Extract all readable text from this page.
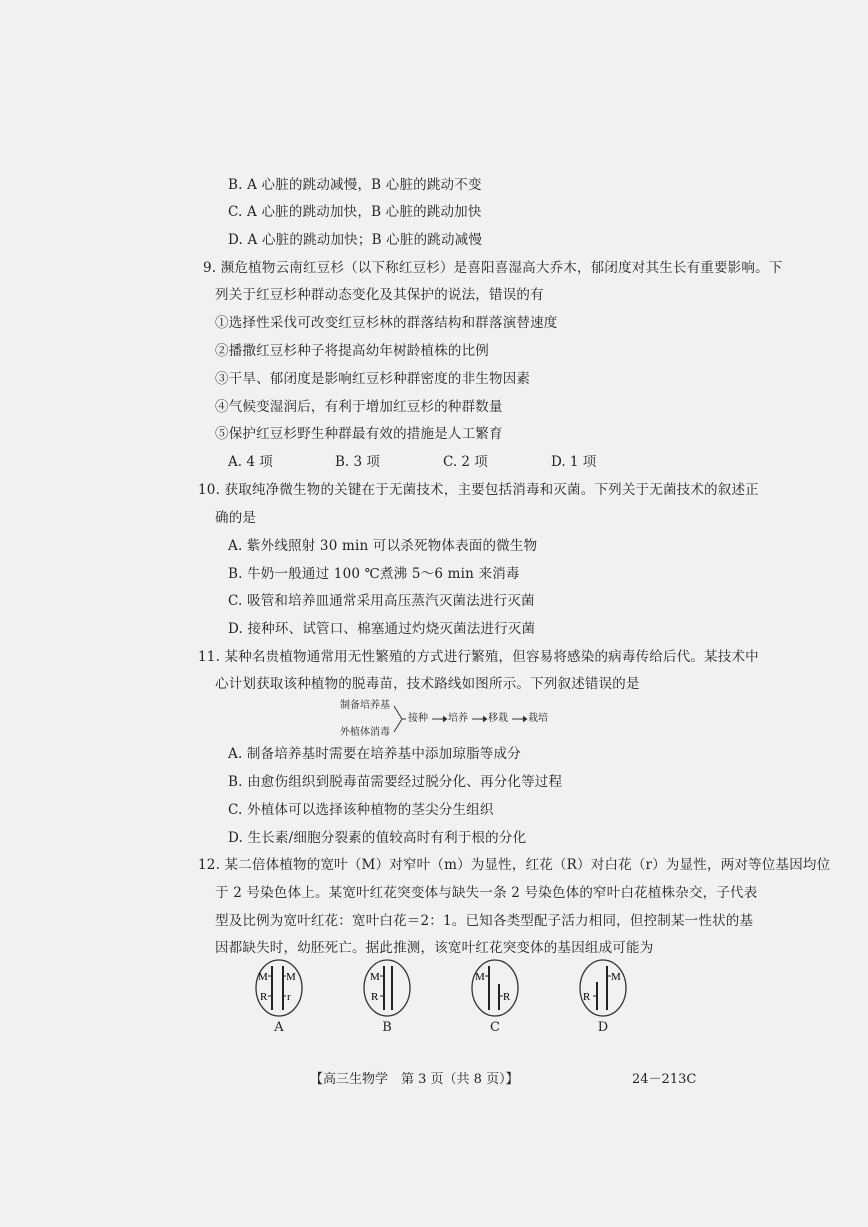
B. A 心脏的跳动减慢，B 心脏的跳动不变
C. A 心脏的跳动加快，B 心脏的跳动加快
D. A 心脏的跳动加快；B 心脏的跳动减慢
9. 濒危植物云南红豆杉（以下称红豆杉）是喜阳喜湿高大乔木，郁闭度对其生长有重要影响。下
列关于红豆杉种群动态变化及其保护的说法，错误的有
①选择性采伐可改变红豆杉林的群落结构和群落演替速度
②播撒红豆杉种子将提高幼年树龄植株的比例
③干旱、郁闭度是影响红豆杉种群密度的非生物因素
④气候变湿润后，有利于增加红豆杉的种群数量
⑤保护红豆杉野生种群最有效的措施是人工繁育
A. 4 项	B. 3 项	C. 2 项	D. 1 项
10. 获取纯净微生物的关键在于无菌技术，主要包括消毒和灭菌。下列关于无菌技术的叙述正
确的是
A. 紫外线照射 30 min 可以杀死物体表面的微生物
B. 牛奶一般通过 100 ℃煮沸 5～6 min 来消毒
C. 吸管和培养皿通常采用高压蒸汽灭菌法进行灭菌
D. 接种环、试管口、棉塞通过灼烧灭菌法进行灭菌
11. 某种名贵植物通常用无性繁殖的方式进行繁殖，但容易将感染的病毒传给后代。某技术中
心计划获取该种植物的脱毒苗，技术路线如图所示。下列叙述错误的是
制备培养基
外植体消毒
接种 培养 移栽 栽培
A. 制备培养基时需要在培养基中添加琼脂等成分
B. 由愈伤组织到脱毒苗需要经过脱分化、再分化等过程
C. 外植体可以选择该种植物的茎尖分生组织
D. 生长素/细胞分裂素的值较高时有利于根的分化
12. 某二倍体植物的宽叶（M）对窄叶（m）为显性，红花（R）对白花（r）为显性，两对等位基因均位
于 2 号染色体上。某宽叶红花突变体与缺失一条 2 号染色体的窄叶白花植株杂交，子代表
型及比例为宽叶红花：宽叶白花＝2：1。已知各类型配子活力相同，但控制某一性状的基
因都缺失时，幼胚死亡。据此推测，该宽叶红花突变体的基因组成可能为
M M
R r
A
M
R
B
M
R
C
M
R
D
【高三生物学　第 3 页（共 8 页）】	24－213C
